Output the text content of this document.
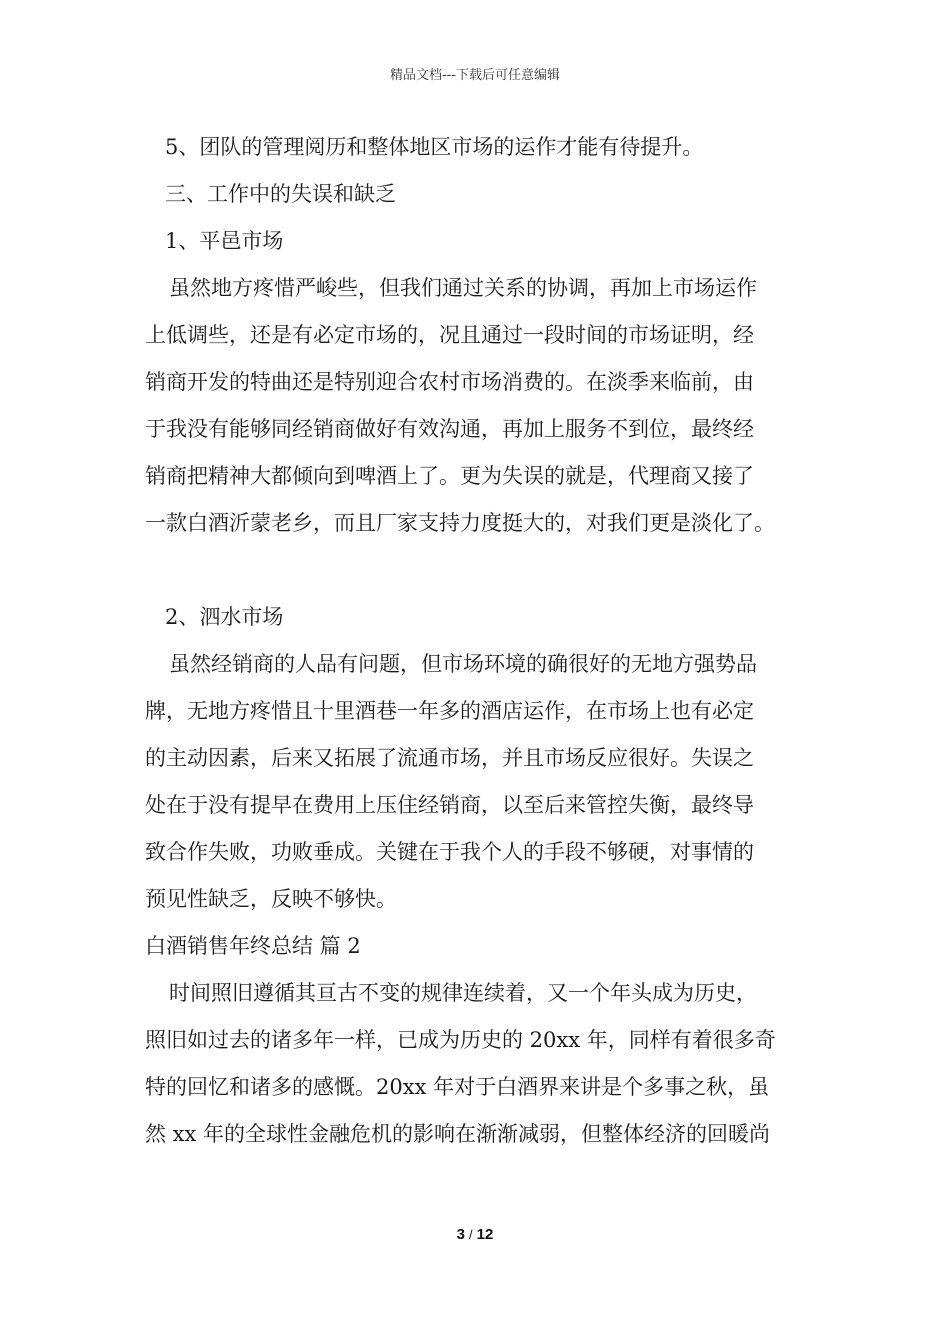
精品文档---下载后可任意编辑

5、团队的管理阅历和整体地区市场的运作才能有待提升。

三、工作中的失误和缺乏

1、平邑市场

虽然地方疼惜严峻些，但我们通过关系的协调，再加上市场运作

上低调些，还是有必定市场的，况且通过一段时间的市场证明，经

销商开发的特曲还是特别迎合农村市场消费的。在淡季来临前，由

于我没有能够同经销商做好有效沟通，再加上服务不到位，最终经

销商把精神大都倾向到啤酒上了。更为失误的就是，代理商又接了

一款白酒沂蒙老乡，而且厂家支持力度挺大的，对我们更是淡化了。

2、泗水市场

虽然经销商的人品有问题，但市场环境的确很好的无地方强势品

牌，无地方疼惜且十里酒巷一年多的酒店运作，在市场上也有必定

的主动因素，后来又拓展了流通市场，并且市场反应很好。失误之

处在于没有提早在费用上压住经销商，以至后来管控失衡，最终导

致合作失败，功败垂成。关键在于我个人的手段不够硬，对事情的

预见性缺乏，反映不够快。

白酒销售年终总结 篇 2

时间照旧遵循其亘古不变的规律连续着，又一个年头成为历史，

照旧如过去的诸多年一样，已成为历史的 20xx 年，同样有着很多奇

特的回忆和诸多的感慨。20xx 年对于白酒界来讲是个多事之秋，虽

然 xx 年的全球性金融危机的影响在渐渐减弱，但整体经济的回暖尚

3 / 12
